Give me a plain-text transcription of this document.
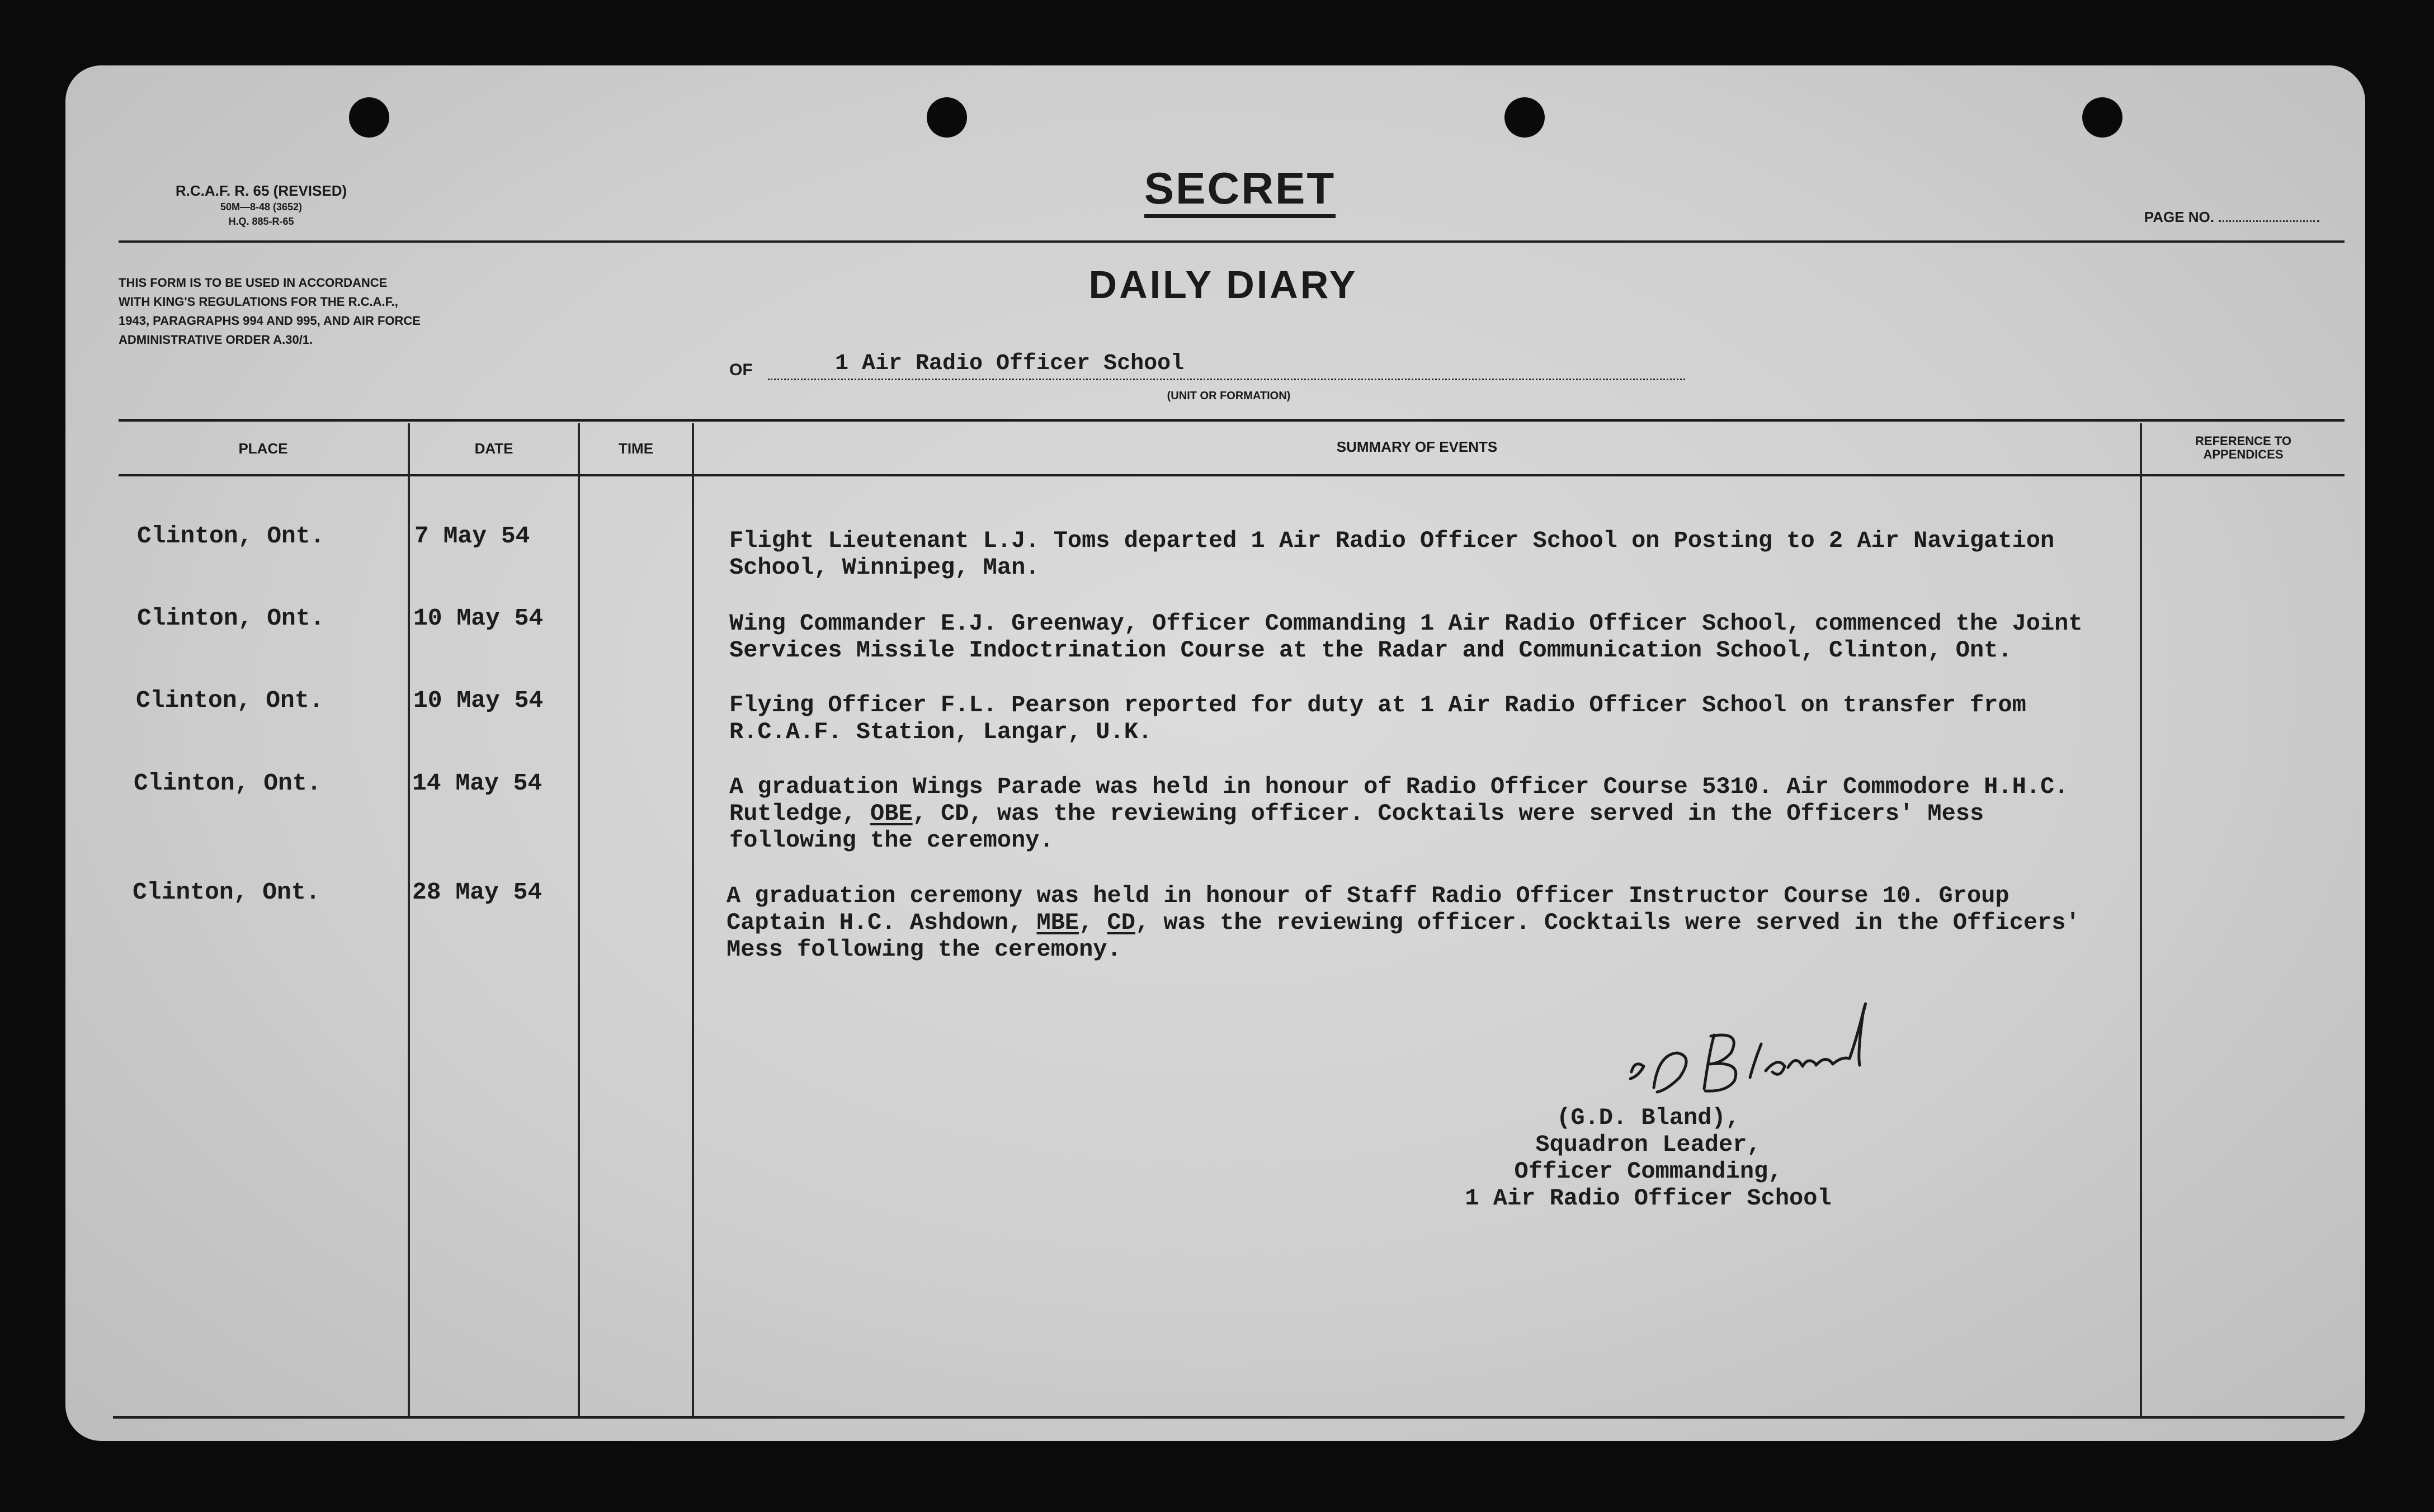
R.C.A.F. R. 65 (REVISED)
50M—8-48 (3652)
H.Q. 885-R-65
SECRET
PAGE NO.
THIS FORM IS TO BE USED IN ACCORDANCE
WITH KING'S REGULATIONS FOR THE R.C.A.F.,
1943, PARAGRAPHS 994 AND 995, AND AIR FORCE
ADMINISTRATIVE ORDER A.30/1.
DAILY DIARY
OF	1 Air Radio Officer School
(UNIT OR FORMATION)
PLACE	DATE	TIME	SUMMARY OF EVENTS	REFERENCE TO
APPENDICES
Clinton, Ont.	7 May 54	Flight Lieutenant L.J. Toms departed 1 Air Radio Officer School on Posting to 2 Air Navigation
School, Winnipeg, Man.
Clinton, Ont.	10 May 54	Wing Commander E.J. Greenway, Officer Commanding 1 Air Radio Officer School, commenced the Joint
Services Missile Indoctrination Course at the Radar and Communication School, Clinton, Ont.
Clinton, Ont.	10 May 54	Flying Officer F.L. Pearson reported for duty at 1 Air Radio Officer School on transfer from
R.C.A.F. Station, Langar, U.K.
Clinton, Ont.	14 May 54	A graduation Wings Parade was held in honour of Radio Officer Course 5310. Air Commodore H.H.C.
Rutledge, OBE, CD, was the reviewing officer. Cocktails were served in the Officers' Mess
following the ceremony.
Clinton, Ont.	28 May 54	A graduation ceremony was held in honour of Staff Radio Officer Instructor Course 10. Group
Captain H.C. Ashdown, MBE, CD, was the reviewing officer. Cocktails were served in the Officers'
Mess following the ceremony.
(G.D. Bland),
Squadron Leader,
Officer Commanding,
1 Air Radio Officer School
